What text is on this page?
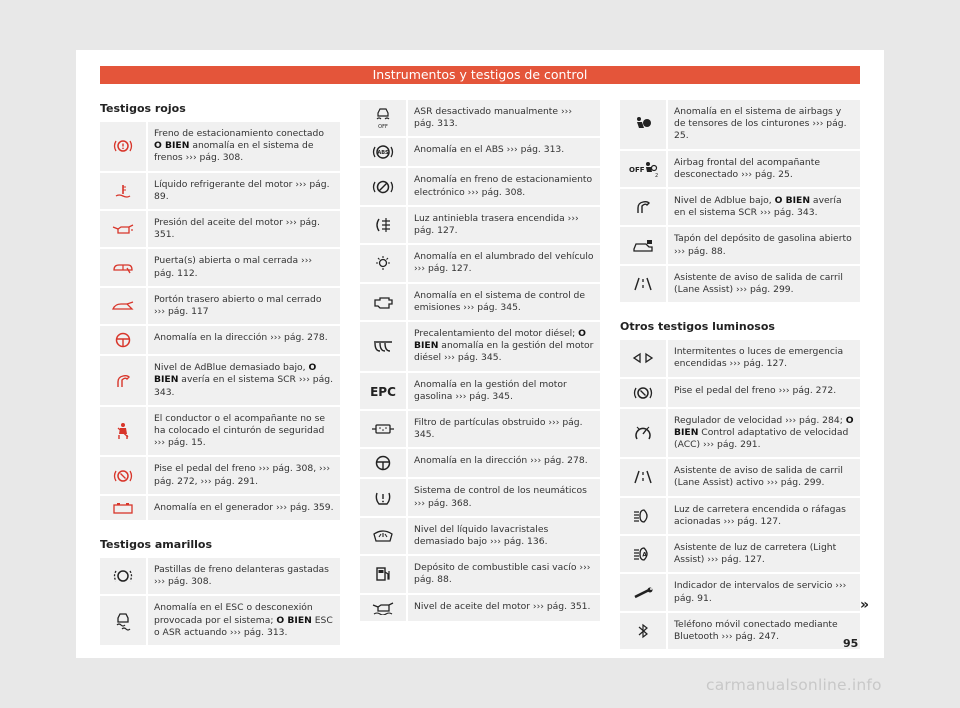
Instrumentos y testigos de control
Testigos rojos
Freno de estacionamiento conectado O BIEN anomalía en el sistema de frenos ››› pág. 308.
Líquido refrigerante del motor ››› pág. 89.
Presión del aceite del motor ››› pág. 351.
Puerta(s) abierta o mal cerrada ››› pág. 112.
Portón trasero abierto o mal cerrado ››› pág. 117
Anomalía en la dirección ››› pág. 278.
Nivel de AdBlue demasiado bajo, O BIEN avería en el sistema SCR ››› pág. 343.
El conductor o el acompañante no se ha colocado el cinturón de seguridad ››› pág. 15.
Pise el pedal del freno ››› pág. 308, ››› pág. 272, ››› pág. 291.
Anomalía en el generador ››› pág. 359.
Testigos amarillos
Pastillas de freno delanteras gastadas ››› pág. 308.
Anomalía en el ESC o desconexión provocada por el sistema; O BIEN ESC o ASR actuando ››› pág. 313.
OFF
ASR desactivado manualmente ››› pág. 313.
ABS	Anomalía en el ABS ››› pág. 313.
Anomalía en freno de estacionamiento electrónico ››› pág. 308.
Luz antiniebla trasera encendida ››› pág. 127.
Anomalía en el alumbrado del vehículo ››› pág. 127.
Anomalía en el sistema de control de emisiones ››› pág. 345.
Precalentamiento del motor diésel; O BIEN anomalía en la gestión del motor diésel ››› pág. 345.
EPC
Anomalía en la gestión del motor gasolina ››› pág. 345.
Filtro de partículas obstruido ››› pág. 345.
Anomalía en la dirección ››› pág. 278.
Sistema de control de los neumáticos ››› pág. 368.
Nivel del líquido lavacristales demasiado bajo ››› pág. 136.
Depósito de combustible casi vacío ››› pág. 88.
Nivel de aceite del motor ››› pág. 351.
Anomalía en el sistema de airbags y de tensores de los cinturones ››› pág. 25.
OFF
2
Airbag frontal del acompañante desconectado ››› pág. 25.
Nivel de Adblue bajo, O BIEN avería en el sistema SCR ››› pág. 343.
Tapón del depósito de gasolina abierto ››› pág. 88.
Asistente de aviso de salida de carril (Lane Assist) ››› pág. 299.
Otros testigos luminosos
Intermitentes o luces de emergencia encendidas ››› pág. 127.
Pise el pedal del freno ››› pág. 272.
Regulador de velocidad ››› pág. 284; O BIEN Control adaptativo de velocidad (ACC) ››› pág. 291.
Asistente de aviso de salida de carril (Lane Assist) activo ››› pág. 299.
Luz de carretera encendida o ráfagas acionadas ››› pág. 127.
A
Asistente de luz de carretera (Light Assist) ››› pág. 127.
Indicador de intervalos de servicio ››› pág. 91.
Teléfono móvil conectado mediante Bluetooth ››› pág. 247.
»
95
carmanualsonline.info
